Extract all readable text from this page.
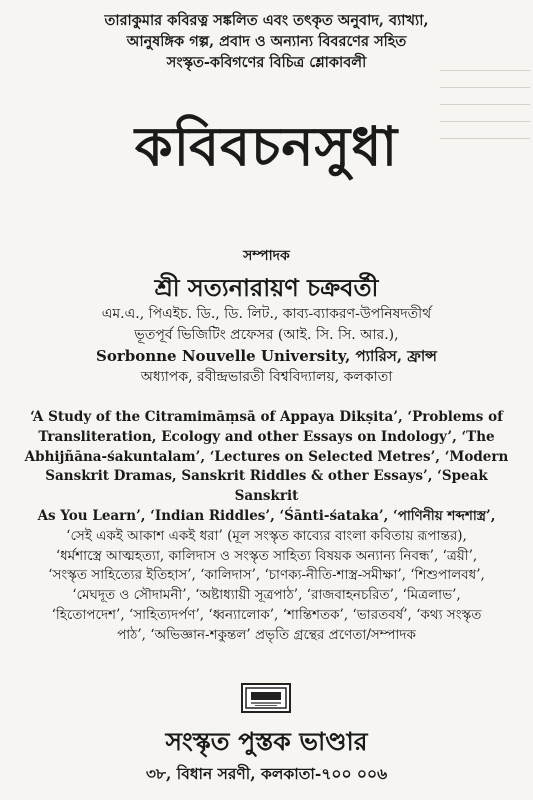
তারাকুমার কবিরত্ন সঙ্কলিত এবং তৎকৃত অনুবাদ, ব্যাখ্যা,
আনুষঙ্গিক গল্প, প্রবাদ ও অন্যান্য বিবরণের সহিত
সংস্কৃত-কবিগণের বিচিত্র শ্লোকাবলী
কবিবচনসুধা
সম্পাদক
শ্রী সত্যনারায়ণ চক্রবর্তী
এম.এ., পিএইচ. ডি., ডি. লিট., কাব্য-ব্যাকরণ-উপনিষদতীর্থ
ভূতপূর্ব ভিজিটিং প্রফেসর (আই. সি. সি. আর.),
Sorbonne Nouvelle University, প্যারিস, ফ্রান্স
অধ্যাপক, রবীন্দ্রভারতী বিশ্ববিদ্যালয়, কলকাতা
‘A Study of the Citramimāṃsā of Appaya Dikṣita’, ‘Problems of
Transliteration, Ecology and other Essays on Indology’, ‘The
Abhijñāna-śakuntalam’, ‘Lectures on Selected Metres’, ‘Modern
Sanskrit Dramas, Sanskrit Riddles & other Essays’, ‘Speak Sanskrit
As You Learn’, ‘Indian Riddles’, ‘Śānti-śataka’, ‘পাণিনীয় শব্দশাস্ত্র’,
‘সেই একই আকাশ একই ধরা’ (মূল সংস্কৃত কাব্যের বাংলা কবিতায় রূপান্তর),
‘ধর্মশাস্ত্রে আত্মহত্যা, কালিদাস ও সংস্কৃত সাহিত্য বিষয়ক অন্যান্য নিবন্ধ’, ‘ত্রয়ী’,
‘সংস্কৃত সাহিত্যের ইতিহাস’, ‘কালিদাস’, ‘চাণক্য-নীতি-শাস্ত্র-সমীক্ষা’, ‘শিশুপালবধ’,
‘মেঘদূত ও সৌদামনী’, ‘অষ্টাধ্যায়ী সূত্রপাঠ’, ‘রাজবাহনচরিত’, ‘মিত্রলাভ’,
‘হিতোপদেশ’, ‘সাহিত্যদর্পণ’, ‘ধ্বন্যালোক’, ‘শান্তিশতক’, ‘ভারতবর্ষ’, ‘কথ্য সংস্কৃত
পাঠ’, ‘অভিজ্ঞান-শকুন্তল’ প্রভৃতি গ্রন্থের প্রণেতা/সম্পাদক
সংস্কৃত পুস্তক ভাণ্ডার
৩৮, বিধান সরণী, কলকাতা-৭০০ ০০৬
